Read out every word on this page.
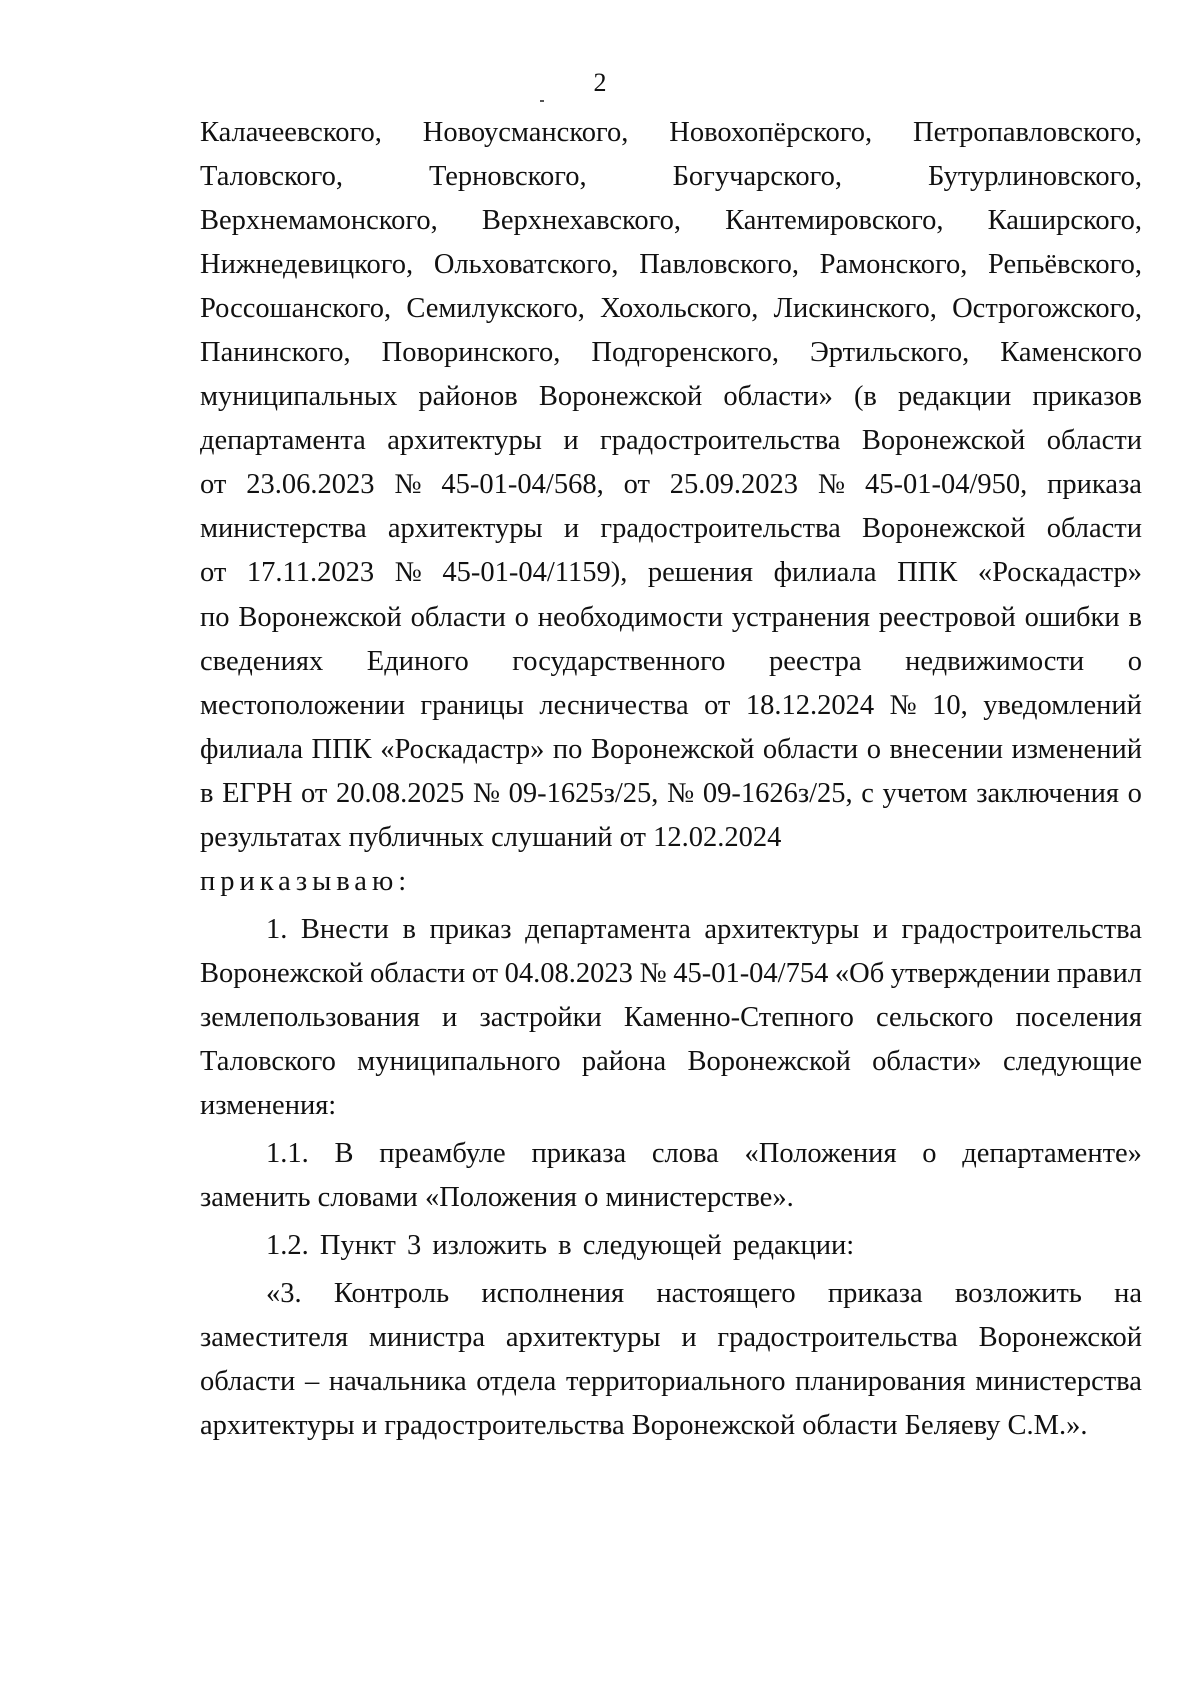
2
Калачеевского, Новоусманского, Новохопёрского, Петропавловского,
Таловского,	Терновского,	Богучарского,	Бутурлиновского,
Верхнемамонского, Верхнехавского, Кантемировского, Каширского,
Нижнедевицкого, Ольховатского, Павловского, Рамонского, Репьёвского,
Россошанского, Семилукского, Хохольского, Лискинского, Острогожского,
Панинского, Поворинского, Подгоренского, Эртильского, Каменского
муниципальных районов Воронежской области» (в редакции приказов
департамента архитектуры и градостроительства Воронежской области
от 23.06.2023 № 45-01-04/568, от 25.09.2023 № 45-01-04/950, приказа
министерства архитектуры и градостроительства Воронежской области
от 17.11.2023 № 45-01-04/1159), решения филиала ППК «Роскадастр»
по Воронежской области о необходимости устранения реестровой ошибки в
сведениях Единого государственного реестра недвижимости о
местоположении границы лесничества от 18.12.2024 № 10, уведомлений
филиала ППК «Роскадастр» по Воронежской области о внесении изменений
в ЕГРН от 20.08.2025 № 09-1625з/25, № 09-1626з/25, с учетом заключения о
результатах публичных слушаний от 12.02.2024
приказываю:
1. Внести в приказ департамента архитектуры и градостроительства
Воронежской области от 04.08.2023 № 45-01-04/754 «Об утверждении правил
землепользования и застройки Каменно-Степного сельского поселения
Таловского муниципального района Воронежской области» следующие
изменения:
1.1. В преамбуле приказа слова «Положения о департаменте»
заменить словами «Положения о министерстве».
1.2. Пункт 3 изложить в следующей редакции:
«3. Контроль исполнения настоящего приказа возложить на
заместителя министра архитектуры и градостроительства Воронежской
области – начальника отдела территориального планирования министерства
архитектуры и градостроительства Воронежской области Беляеву С.М.».
